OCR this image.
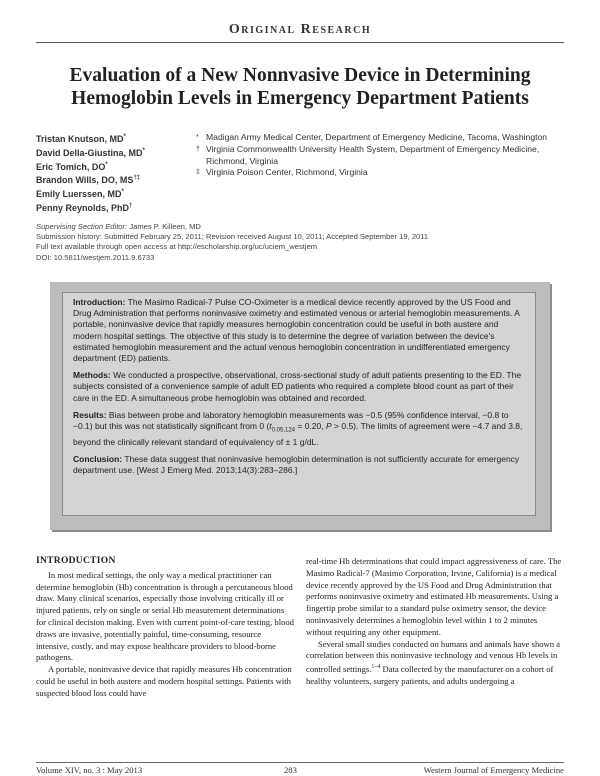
Original Research
Evaluation of a New Nonnvasive Device in Determining
Hemoglobin Levels in Emergency Department Patients
Tristan Knutson, MD*
David Della-Giustina, MD*
Eric Tomich, DO*
Brandon Wills, DO, MS†‡
Emily Luerssen, MD*
Penny Reynolds, PhD†
* Madigan Army Medical Center, Department of Emergency Medicine, Tacoma, Washington
† Virginia Commonwealth University Health System, Department of Emergency Medicine, Richmond, Virginia
‡ Virginia Poison Center, Richmond, Virginia
Supervising Section Editor: James P. Killeen, MD
Submission history: Submitted February 25, 2011; Revision received August 10, 2011; Accepted September 19, 2011
Full text available through open access at http://escholarship.org/uc/uciem_westjem
DOI: 10.5811/westjem.2011.9.6733

Introduction: The Masimo Radical-7 Pulse CO-Oximeter is a medical device recently approved by the US Food and Drug Administration that performs noninvasive oximetry and estimated venous or arterial hemoglobin measurements. A portable, noninvasive device that rapidly measures hemoglobin concentration could be useful in both austere and modern hospital settings. The objective of this study is to determine the degree of variation between the device's estimated hemoglobin measurement and the actual venous hemoglobin concentration in undifferentiated emergency department (ED) patients.

Methods: We conducted a prospective, observational, cross-sectional study of adult patients presenting to the ED. The subjects consisted of a convenience sample of adult ED patients who required a complete blood count as part of their care in the ED. A simultaneous probe hemoglobin was obtained and recorded.

Results: Bias between probe and laboratory hemoglobin measurements was −0.5 (95% confidence interval, −0.8 to −0.1) but this was not statistically significant from 0 ($t_{0.05,124} = 0.20$, P > 0.5). The limits of agreement were −4.7 and 3.8, beyond the clinically relevant standard of equivalency of ± 1 g/dL.

Conclusion: These data suggest that noninvasive hemoglobin determination is not sufficiently accurate for emergency department use. [West J Emerg Med. 2013;14(3):283–286.]

INTRODUCTION

In most medical settings, the only way a medical practitioner can determine hemoglobin (Hb) concentration is through a percutaneous blood draw. Many clinical scenarios, especially those involving critically ill or injured patients, rely on single or serial Hb measurement determinations for clinical decision making. Even with current point-of-care testing, blood draws are invasive, potentially painful, time-consuming, resource intensive, costly, and may expose healthcare providers to blood-borne pathogens.

A portable, noninvasive device that rapidly measures Hb concentration could be useful in both austere and modern hospital settings. Patients with suspected blood loss could have

real-time Hb determinations that could impact aggressiveness of care. The Masimo Radical-7 (Masimo Corporation, Irvine, California) is a medical device recently approved by the US Food and Drug Administration that performs noninvasive oximetry and estimated Hb measurements. Using a fingertip probe similar to a standard pulse oximetry sensor, the device noninvasively determines a hemoglobin level within 1 to 2 minutes without requiring any other equipment.

Several small studies conducted on humans and animals have shown a correlation between this noninvasive technology and venous Hb levels in controlled settings.$^{1-4}$ Data collected by the manufacturer on a cohort of healthy volunteers, surgery patients, and adults undergoing a

Volume XIV, no. 3 : May 2013	283	Western Journal of Emergency Medicine
